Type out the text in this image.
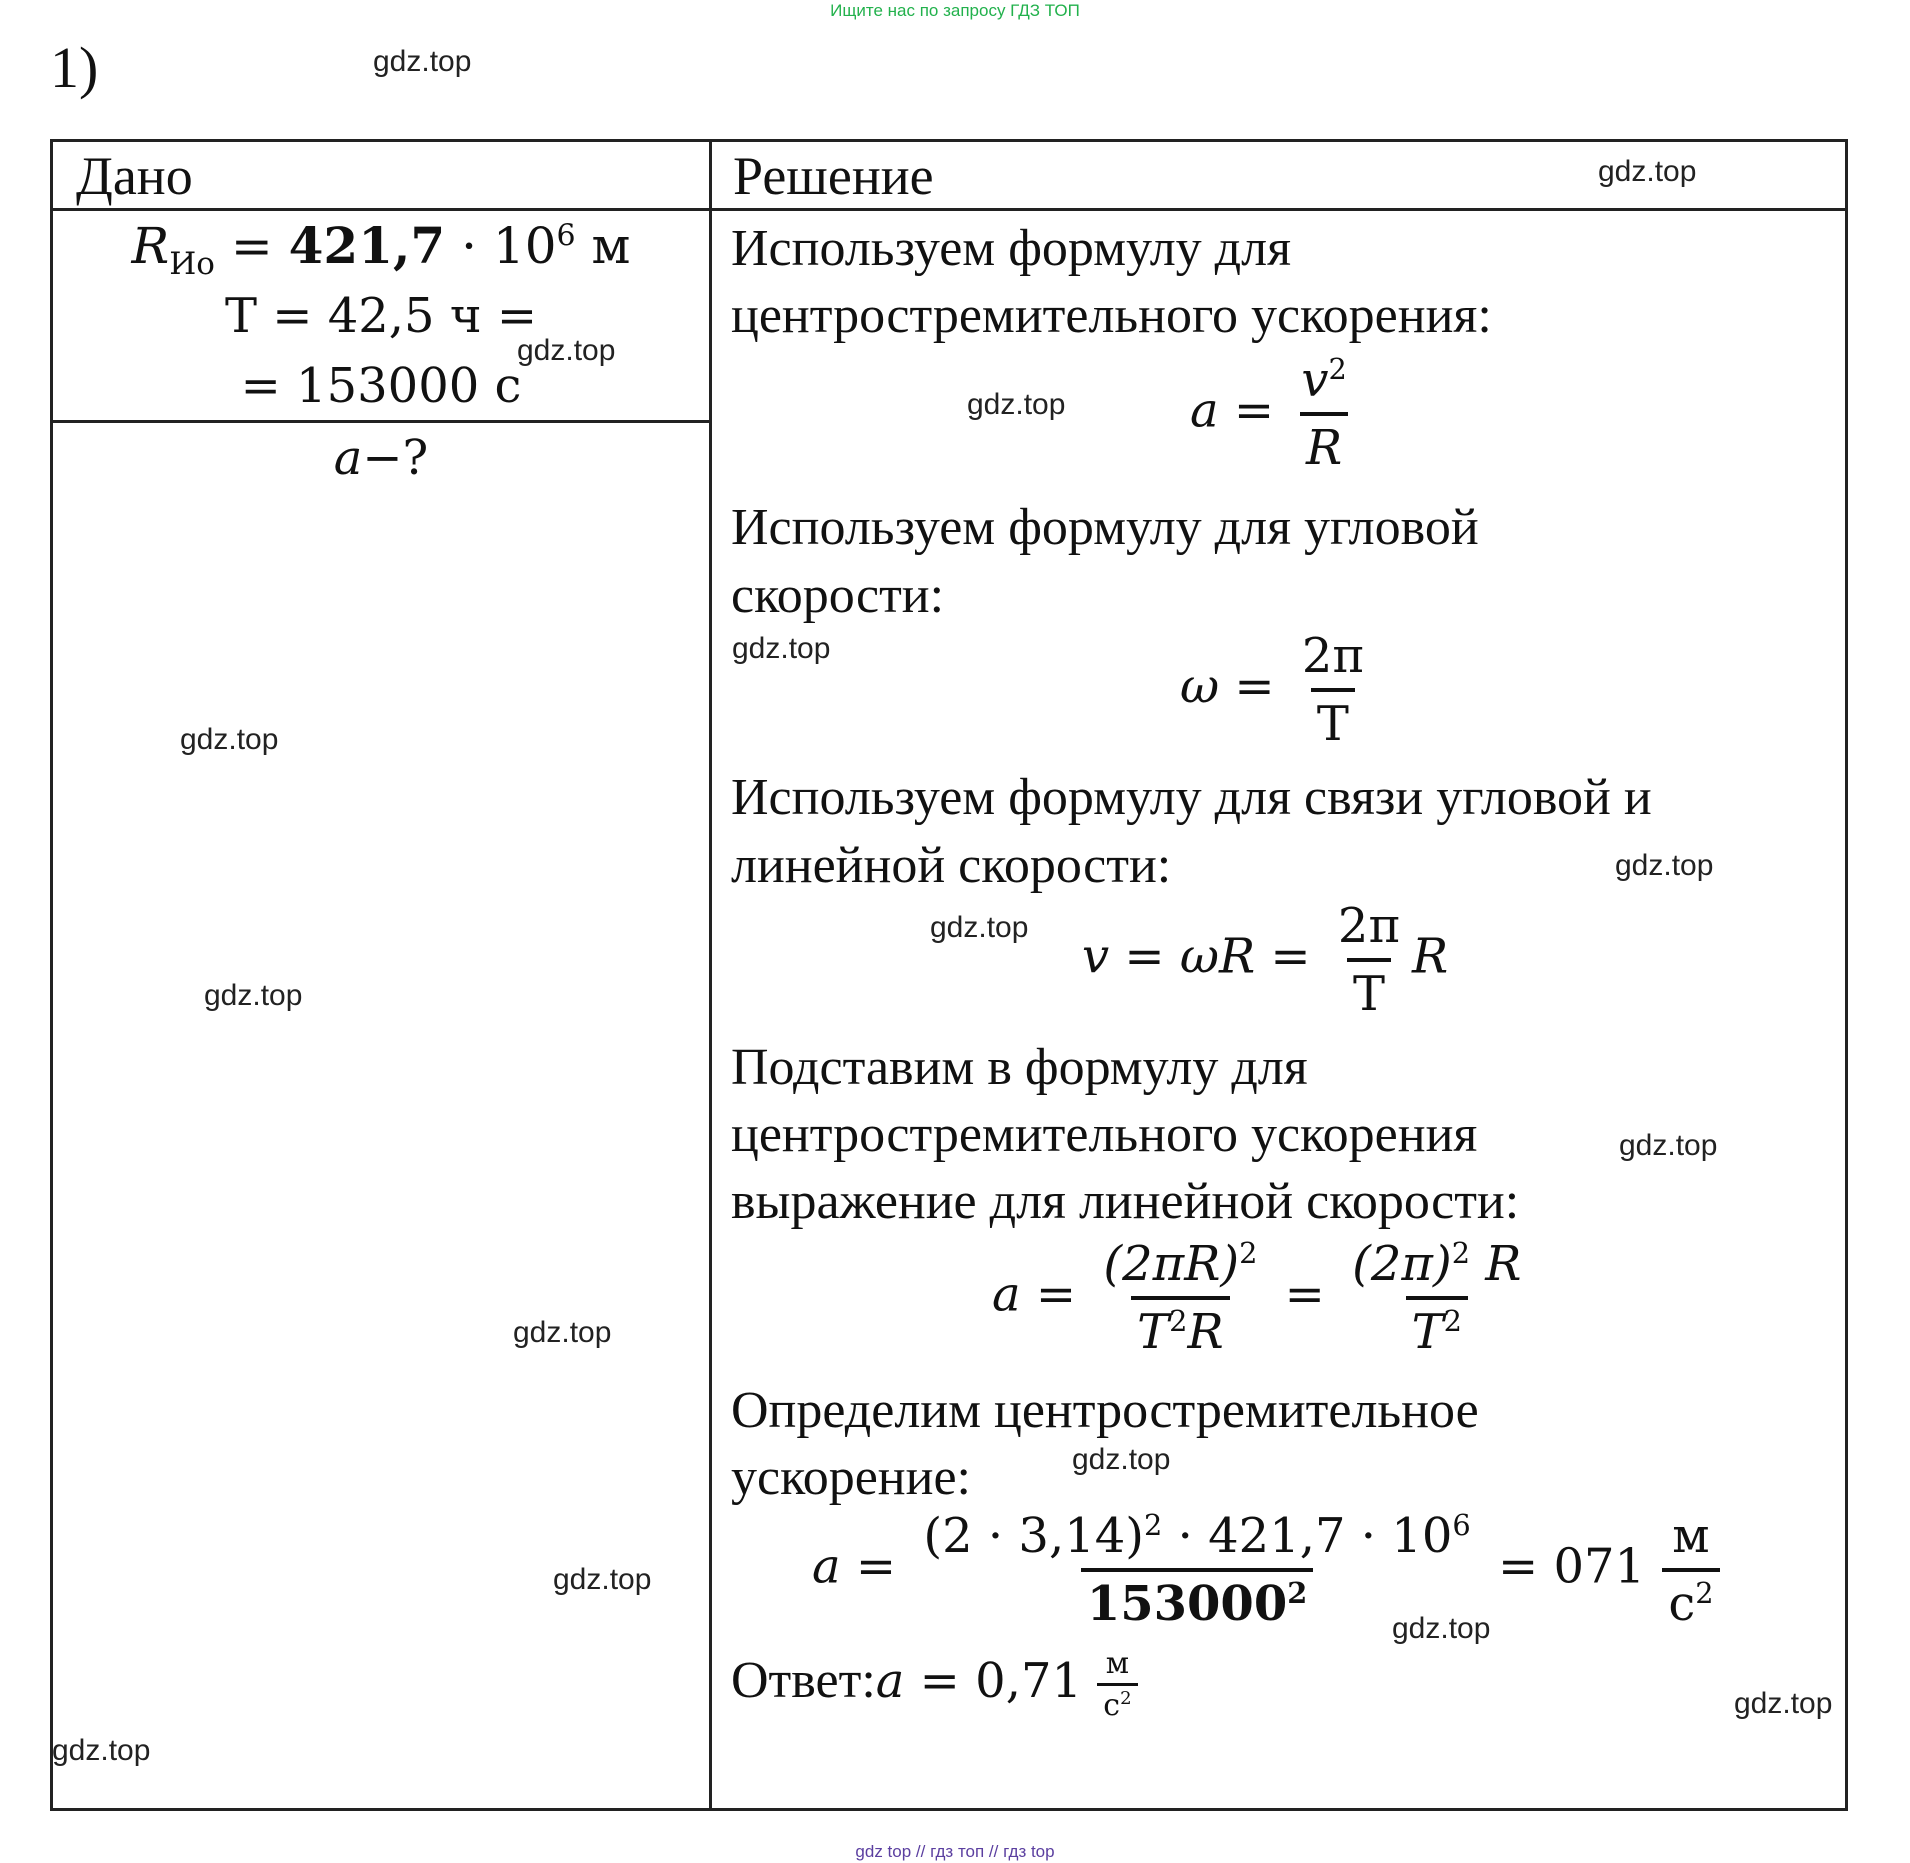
Ищите нас по запросу ГДЗ ТОП
1)
Дано	Решение
$R_{Ио} = 421,7 \cdot 10^6$ м
T = 42,5 ч =
= 153000 с
a−?
Используем формулу для
центростремительного ускорения:
$a = \frac{v^2}{R}$
Используем формулу для угловой
скорости:
$\omega = \frac{2\pi}{T}$
Используем формулу для связи угловой и
линейной скорости:
$v = \omega R = \frac{2\pi}{T}$ R
Подставим в формулу для
центростремительного ускорения
выражение для линейной скорости:
$a = \frac{(2\pi R)^2}{T^2R} = \frac{(2\pi)^2 R}{T^2}$
Определим центростремительное
ускорение:
$a = \frac{(2 \cdot 3,14)^2 \cdot 421,7 \cdot 10^6}{153000^2} = 071 \frac{м}{с^2}$
Ответ:a = $0,71 \frac{м}{с^2}$
gdz.top
gdz.top
gdz.top
gdz.top
gdz.top
gdz.top
gdz.top
gdz.top
gdz.top
gdz.top
gdz.top
gdz.top
gdz.top
gdz.top
gdz.top
gdz.top
gdz top // гдз топ // гдз top
